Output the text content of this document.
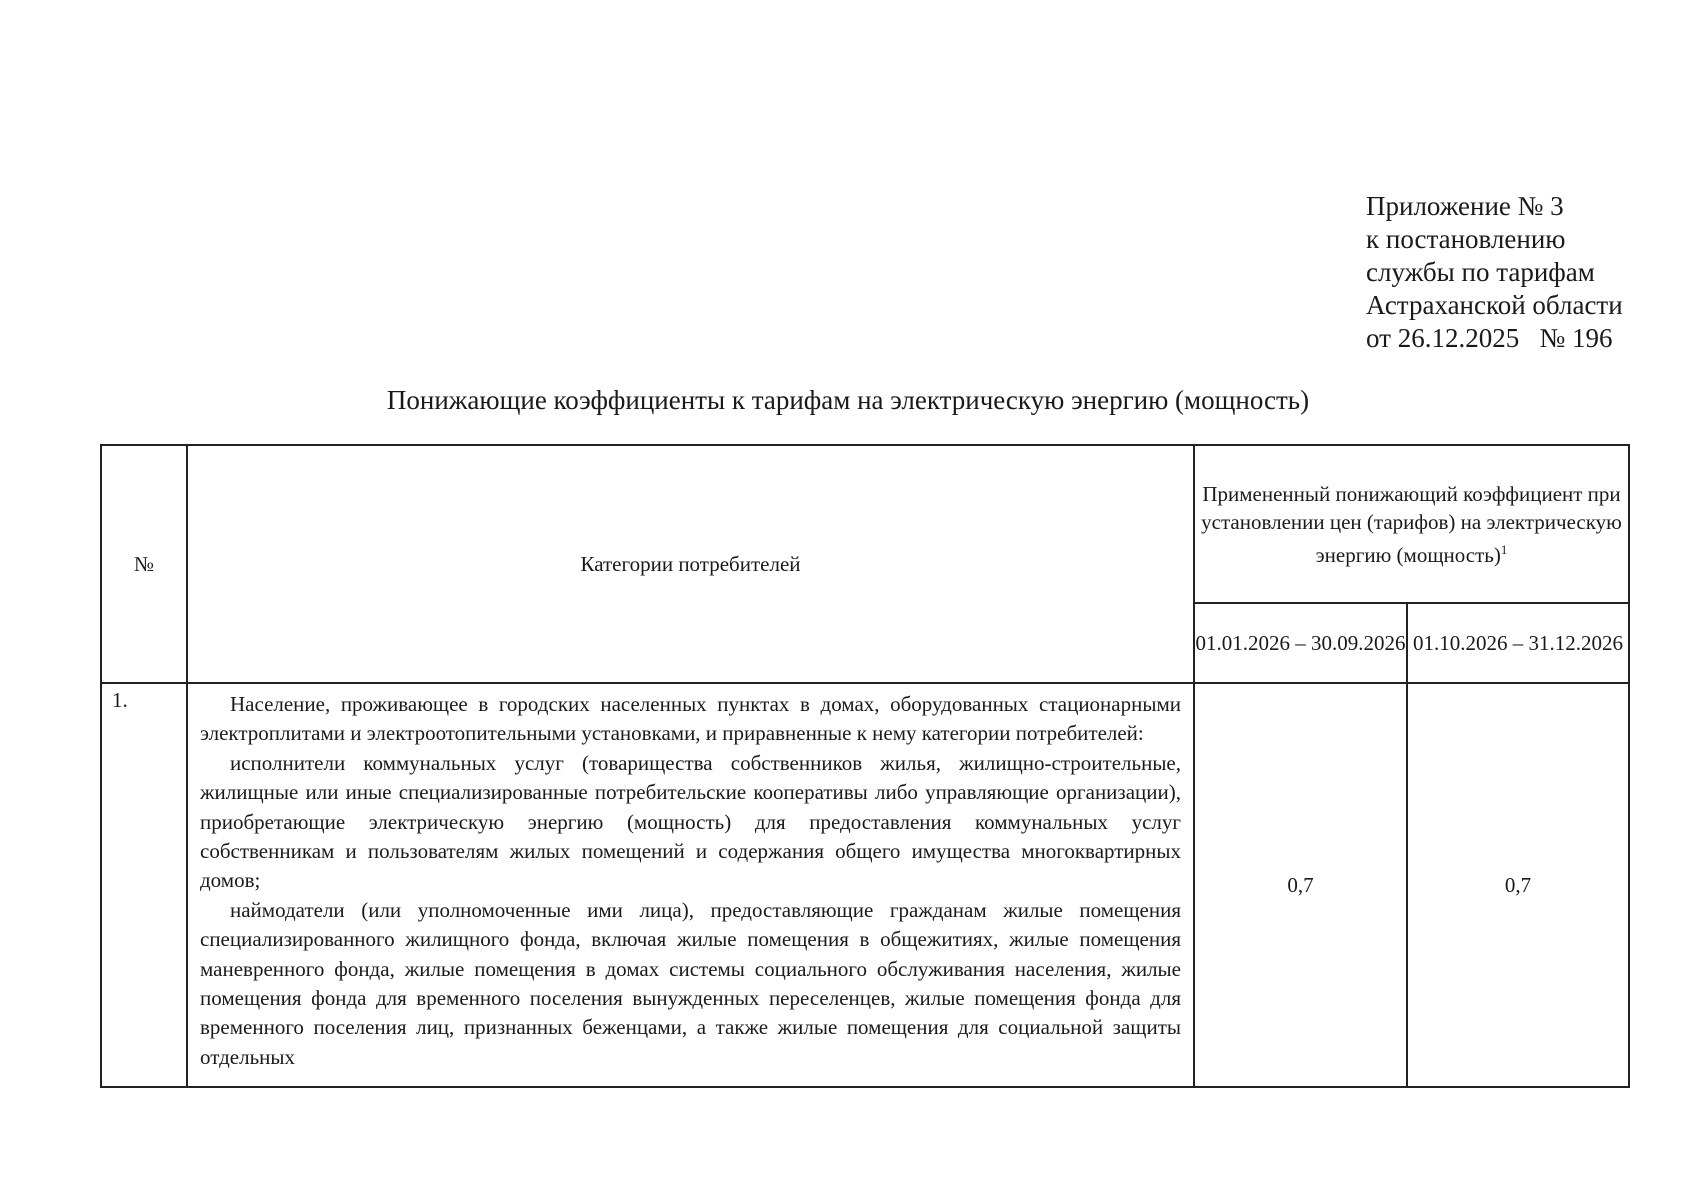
Приложение № 3
к постановлению
службы по тарифам
Астраханской области
от 26.12.2025   № 196
Понижающие коэффициенты к тарифам на электрическую энергию (мощность)
№	Категории потребителей	Примененный понижающий коэффициент при установлении цен (тарифов) на электрическую энергию (мощность)$^1$
		01.01.2026 – 30.09.2026	01.10.2026 – 31.12.2026
1.	Население, проживающее в городских населенных пунктах в домах, оборудованных стационарными электроплитами и электроотопительными установками, и приравненные к нему категории потребителей:

исполнители коммунальных услуг (товарищества собственников жилья, жилищно-строительные, жилищные или иные специализированные потребительские кооперативы либо управляющие организации), приобретающие электрическую энергию (мощность) для предоставления коммунальных услуг собственникам и пользователям жилых помещений и содержания общего имущества многоквартирных домов;

наймодатели (или уполномоченные ими лица), предоставляющие гражданам жилые помещения специализированного жилищного фонда, включая жилые помещения в общежитиях, жилые помещения маневренного фонда, жилые помещения в домах системы социального обслуживания населения, жилые помещения фонда для временного поселения вынужденных переселенцев, жилые помещения фонда для временного поселения лиц, признанных беженцами, а также жилые помещения для социальной защиты отдельных	0,7	0,7
